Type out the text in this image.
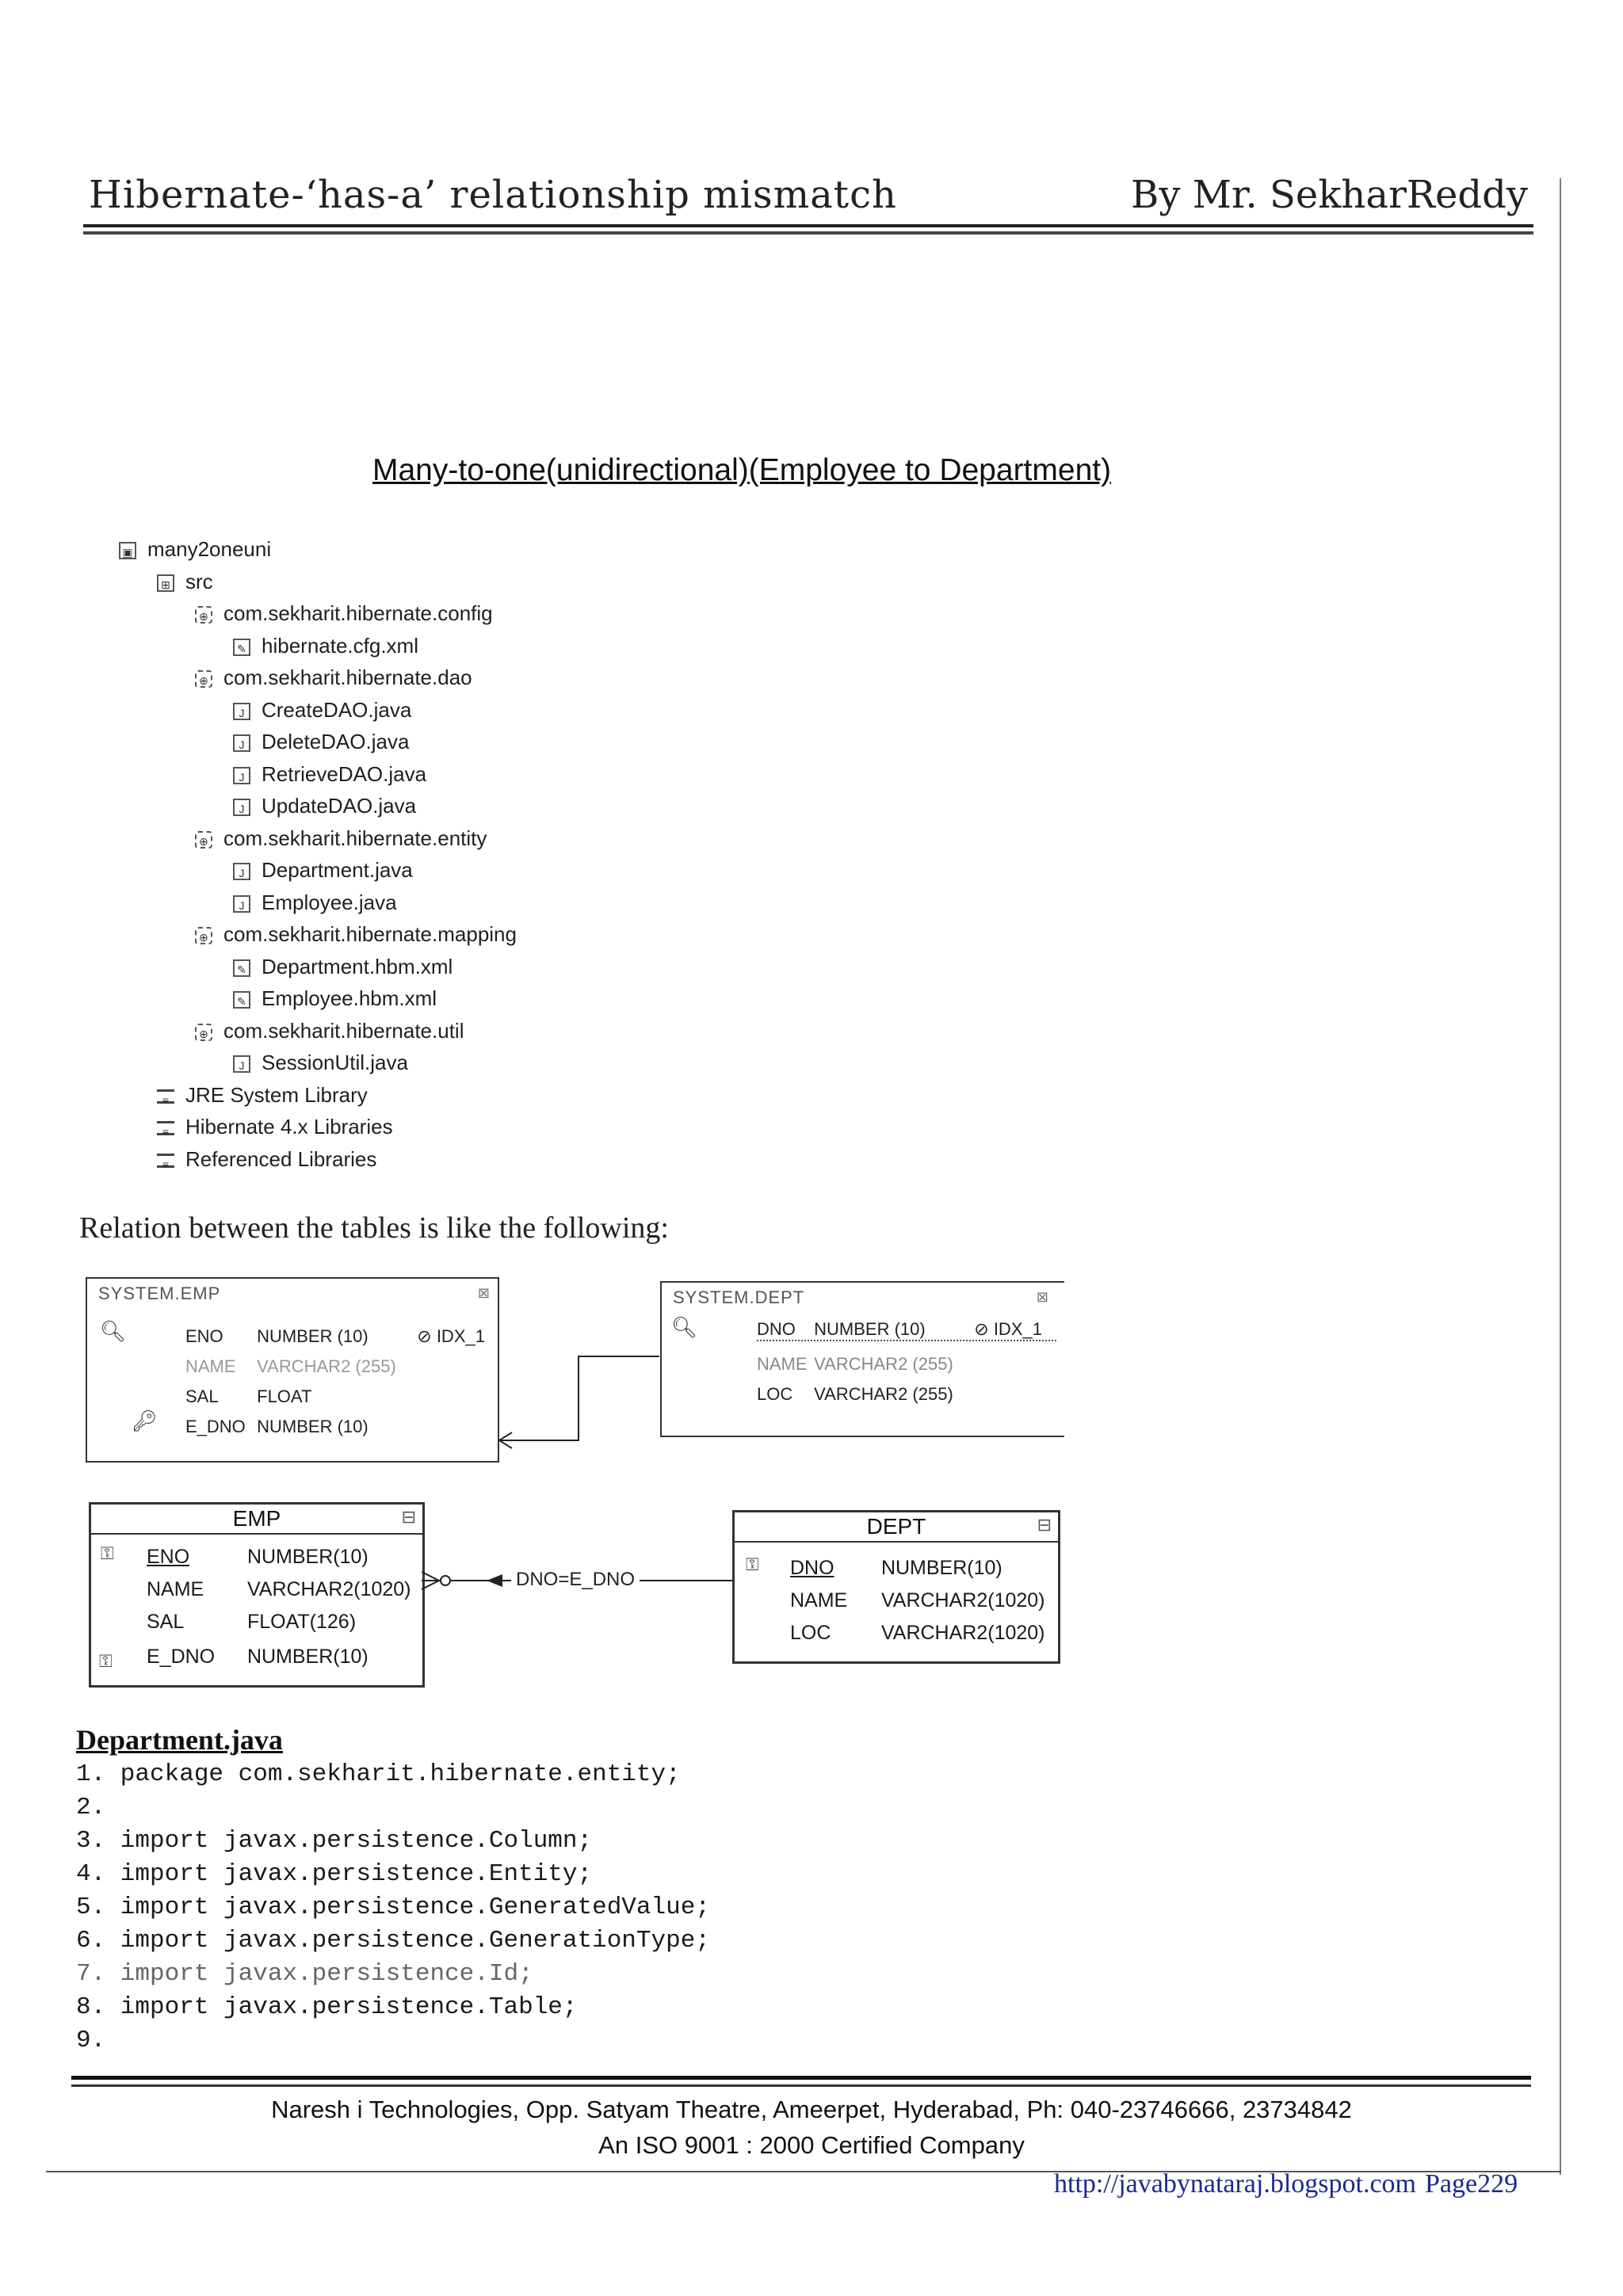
Hibernate-‘has-a’ relationship mismatch	By Mr. SekharReddy
Many-to-one(unidirectional)(Employee to Department)
▣ many2oneuni
⊞ src
⊕ com.sekharit.hibernate.config
✎ hibernate.cfg.xml
⊕ com.sekharit.hibernate.dao
J CreateDAO.java
J DeleteDAO.java
J RetrieveDAO.java
J UpdateDAO.java
⊕ com.sekharit.hibernate.entity
J Department.java
J Employee.java
⊕ com.sekharit.hibernate.mapping
✎ Department.hbm.xml
✎ Employee.hbm.xml
⊕ com.sekharit.hibernate.util
J SessionUtil.java
≡ JRE System Library
≡ Hibernate 4.x Libraries
≡ Referenced Libraries
Relation between the tables is like the following:
SYSTEM.EMP	⊠
🔍︎
🔑︎
ENO NUMBER (10)	⊘ IDX_1
NAME VARCHAR2 (255)
SAL FLOAT
E_DNO NUMBER (10)
SYSTEM.DEPT	⊠
🔍︎	DNO NUMBER (10)	⊘ IDX_1
NAME VARCHAR2 (255)
LOC VARCHAR2 (255)
EMP	⊟
⚿
⚿
ENO	NUMBER(10)
NAME VARCHAR2(1020)
SAL	FLOAT(126)
E_DNO NUMBER(10)
DEPT	⊟
⚿ DNO NUMBER(10)
NAME VARCHAR2(1020)
LOC	VARCHAR2(1020)
DNO=E_DNO
Department.java
1. package com.sekharit.hibernate.entity;
2.
3. import javax.persistence.Column;
4. import javax.persistence.Entity;
5. import javax.persistence.GeneratedValue;
6. import javax.persistence.GenerationType;
7. import javax.persistence.Id;
8. import javax.persistence.Table;
9.
Naresh i Technologies, Opp. Satyam Theatre, Ameerpet, Hyderabad, Ph: 040-23746666, 23734842
An ISO 9001 : 2000 Certified Company
http://javabynataraj.blogspot.com Page229
